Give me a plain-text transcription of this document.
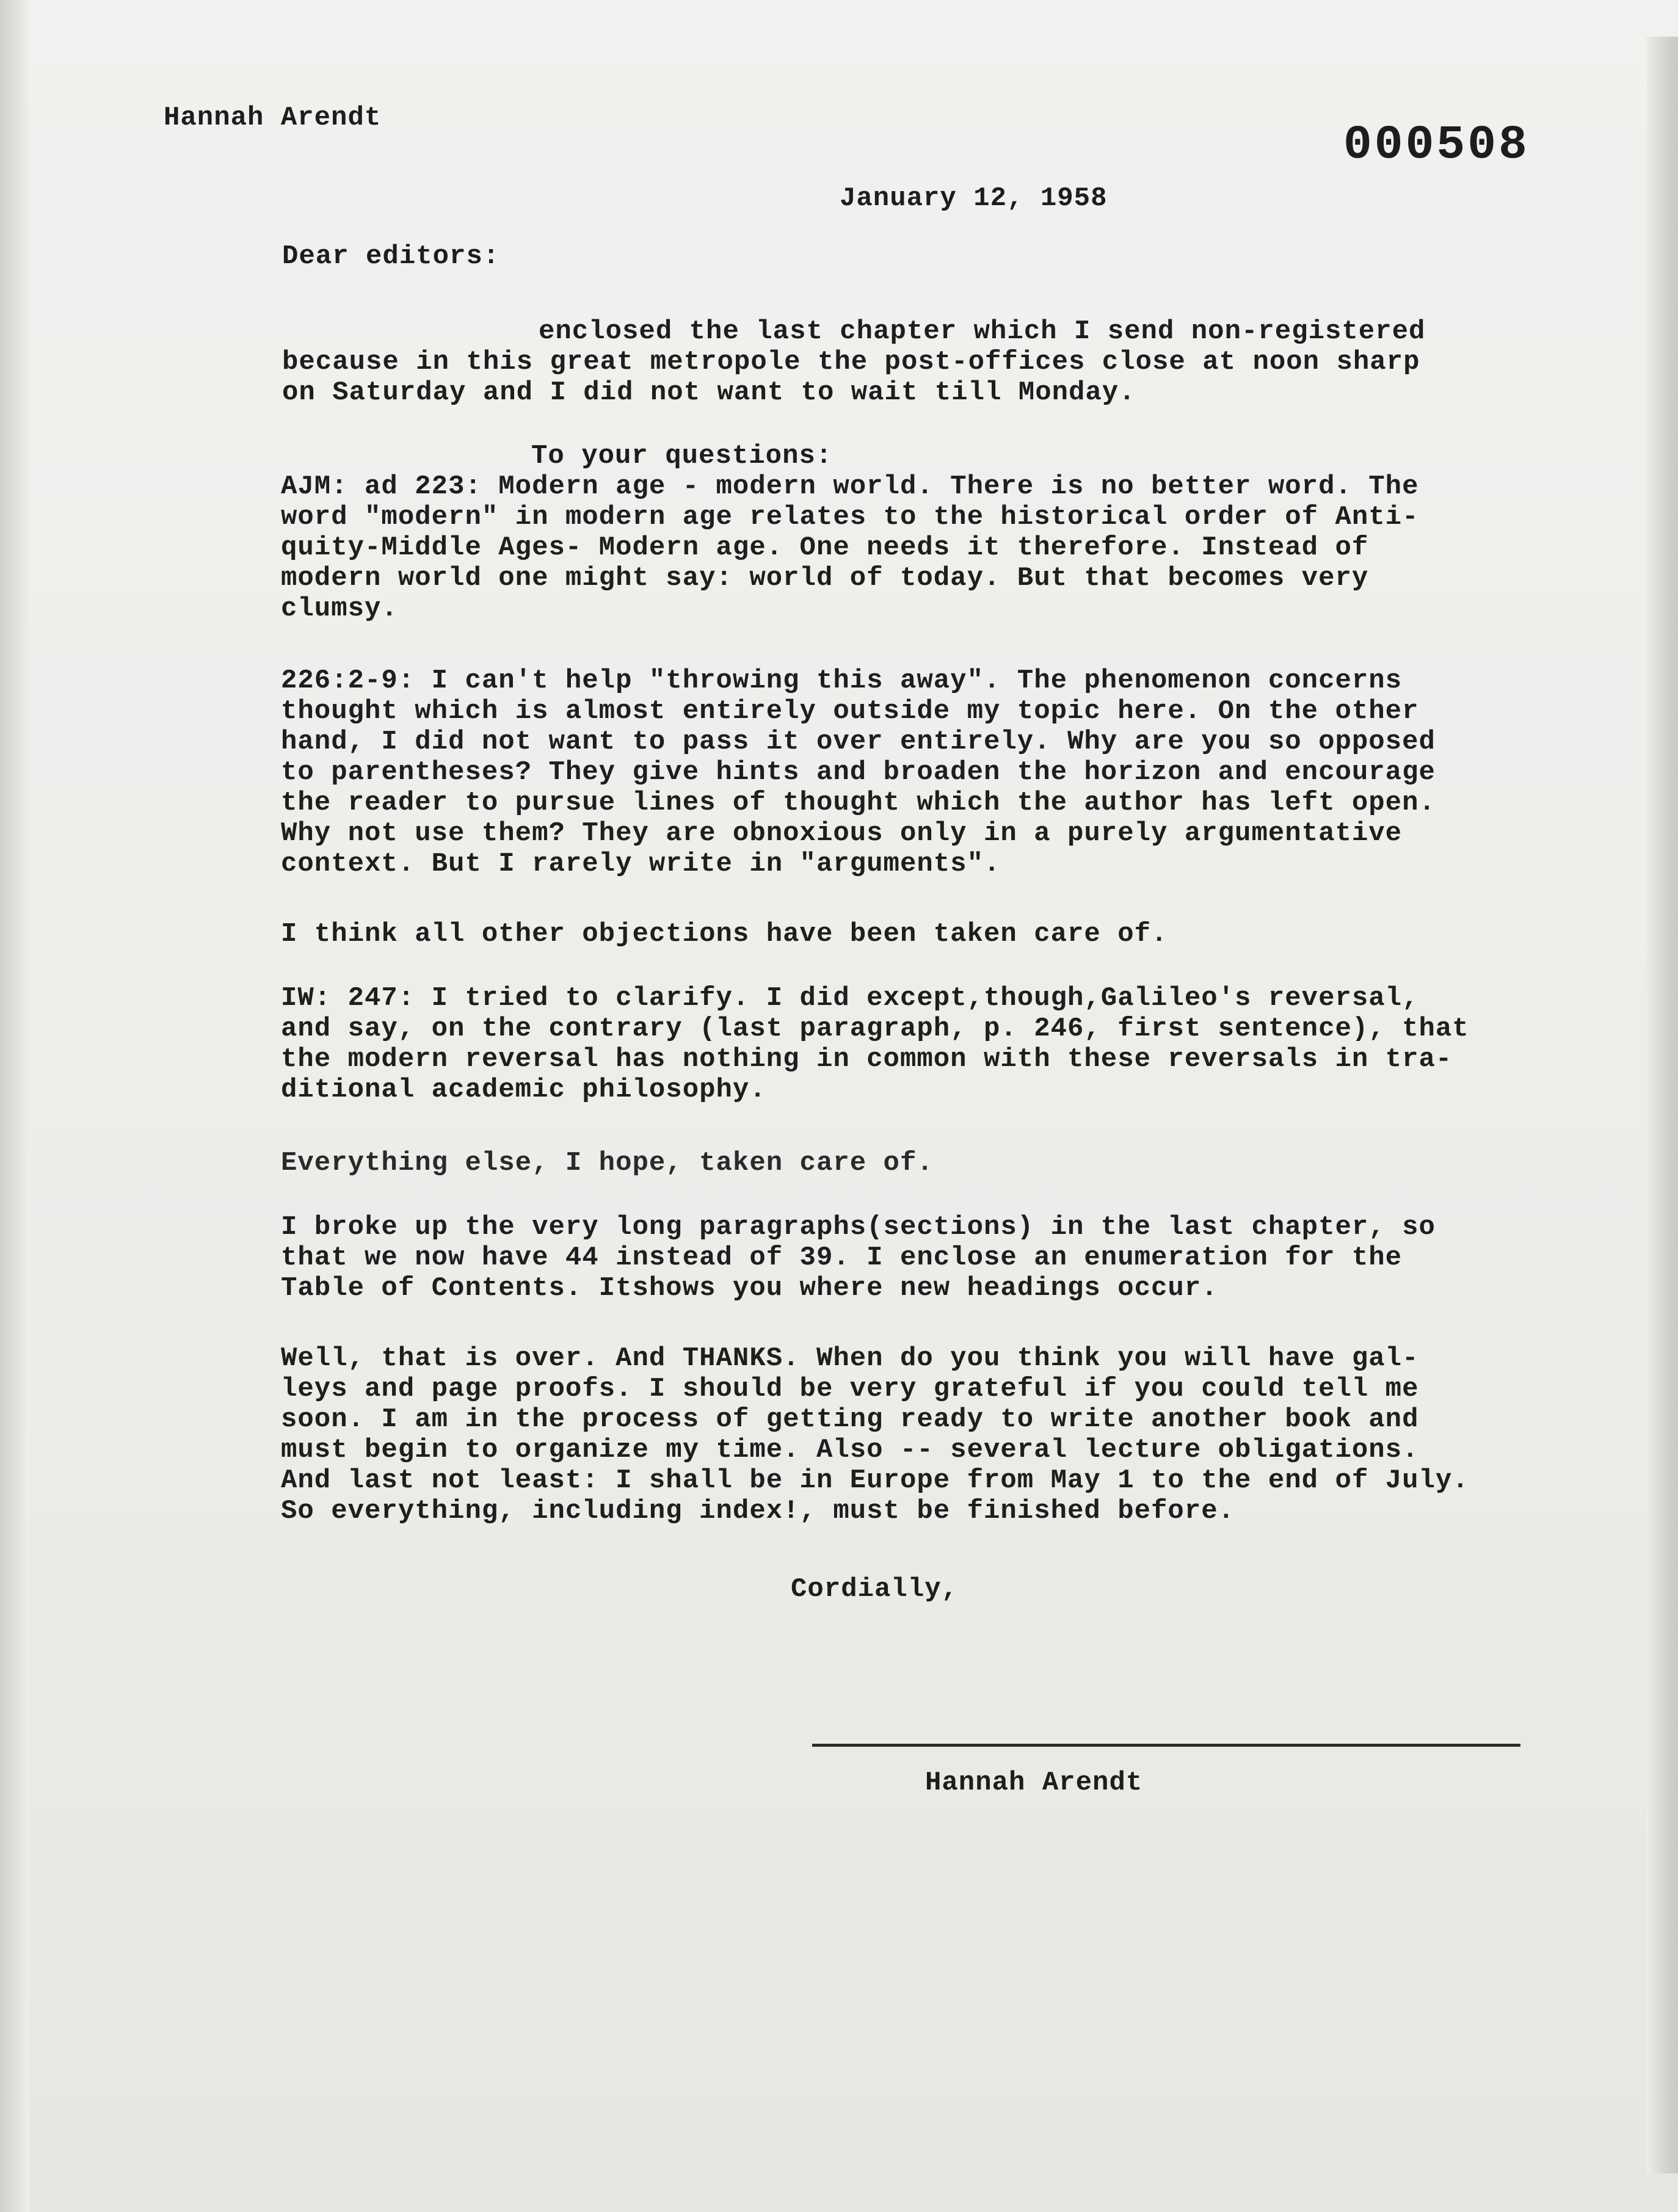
Hannah Arendt
000508
January 12, 1958
Dear editors:
enclosed the last chapter which I send non-registered
because in this great metropole the post-offices close at noon sharp
on Saturday and I did not want to wait till Monday.
To your questions:
AJM: ad 223: Modern age - modern world. There is no better word. The
word "modern" in modern age relates to the historical order of Anti-
quity-Middle Ages- Modern age. One needs it therefore. Instead of
modern world one might say: world of today. But that becomes very
clumsy.
226:2-9: I can't help "throwing this away". The phenomenon concerns
thought which is almost entirely outside my topic here. On the other
hand, I did not want to pass it over entirely. Why are you so opposed
to parentheses? They give hints and broaden the horizon and encourage
the reader to pursue lines of thought which the author has left open.
Why not use them? They are obnoxious only in a purely argumentative
context. But I rarely write in "arguments".
I think all other objections have been taken care of.
IW: 247: I tried to clarify. I did except,though,Galileo's reversal,
and say, on the contrary (last paragraph, p. 246, first sentence), that
the modern reversal has nothing in common with these reversals in tra-
ditional academic philosophy.
Everything else, I hope, taken care of.
I broke up the very long paragraphs(sections) in the last chapter, so
that we now have 44 instead of 39. I enclose an enumeration for the
Table of Contents. Itshows you where new headings occur.
Well, that is over. And THANKS. When do you think you will have gal-
leys and page proofs. I should be very grateful if you could tell me
soon. I am in the process of getting ready to write another book and
must begin to organize my time. Also -- several lecture obligations.
And last not least: I shall be in Europe from May 1 to the end of July.
So everything, including index!, must be finished before.
Cordially,
Hannah Arendt
